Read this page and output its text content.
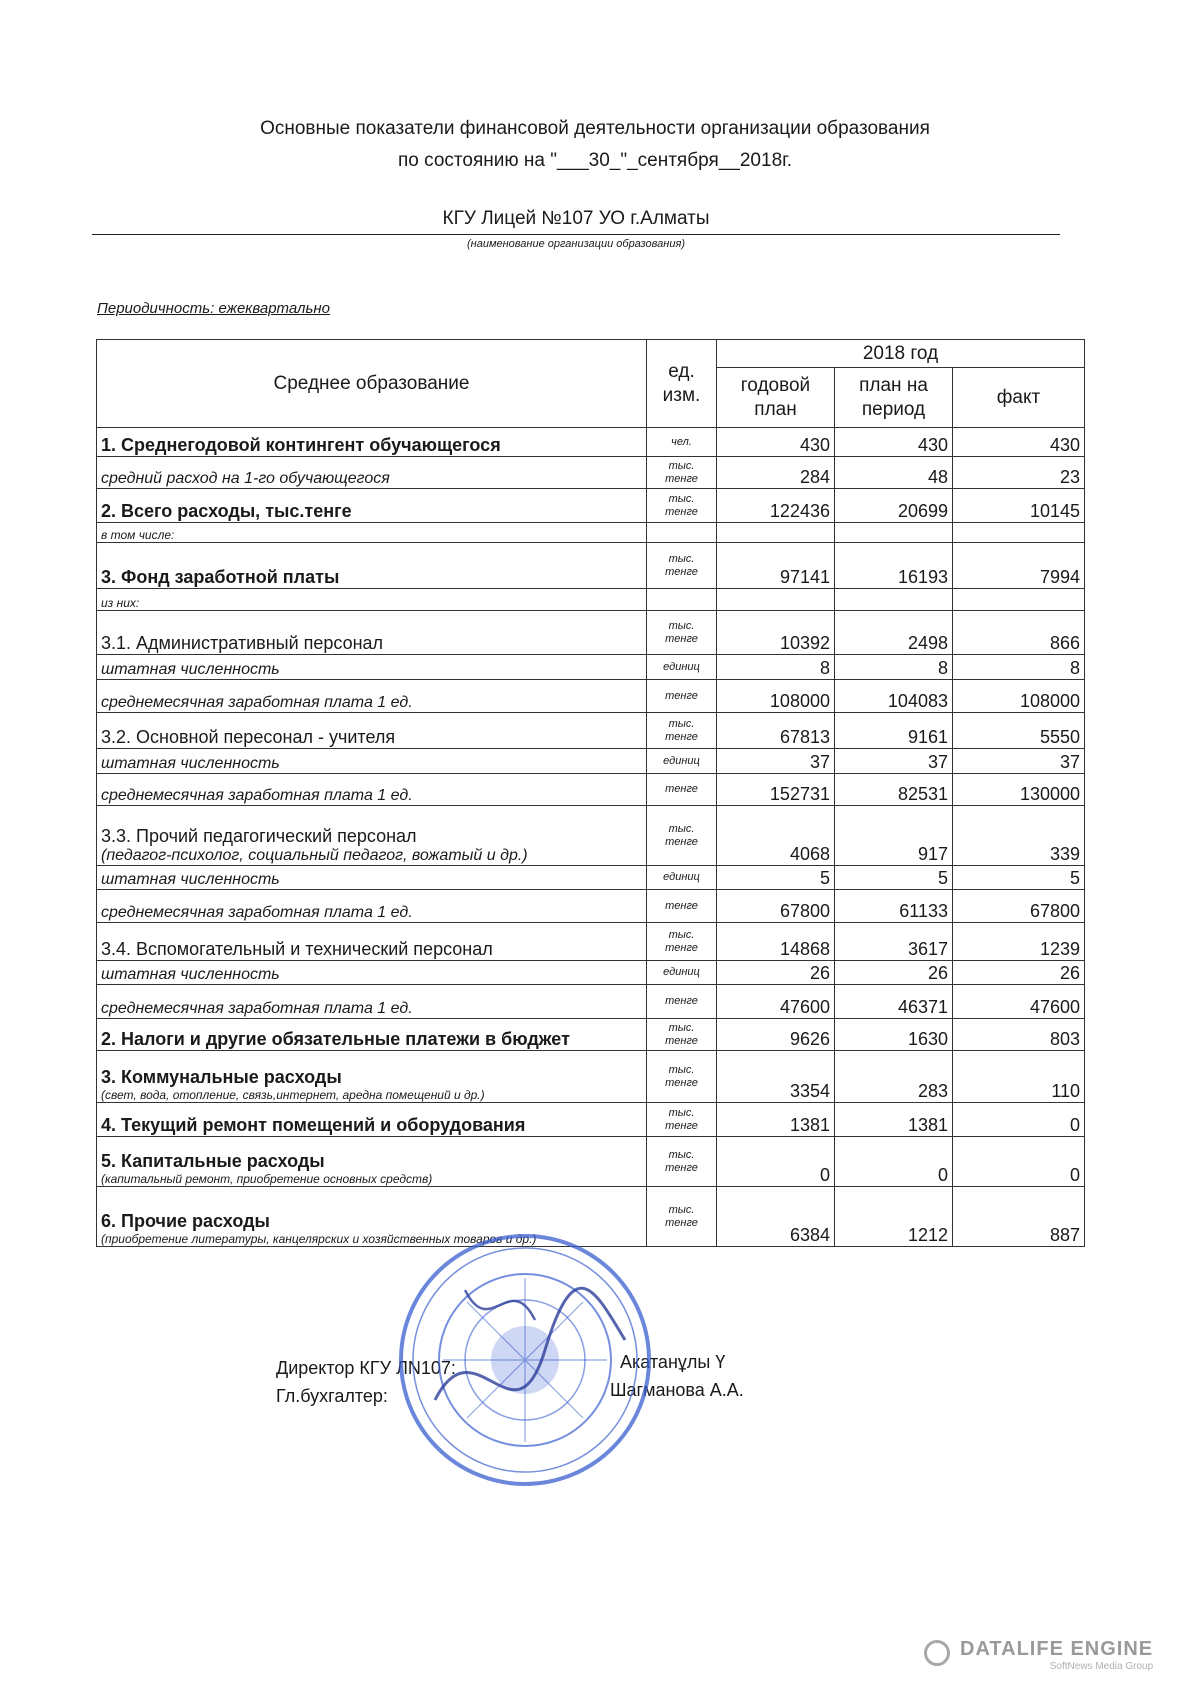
Основные показатели финансовой деятельности организации образования
по состоянию на "___30_"_сентября__2018г.
КГУ Лицей №107 УО г.Алматы
(наименование организации образования)
Периодичность: ежеквартально
Среднее образование	ед. изм.	2018 год		
		годовой план	план на период	факт
1. Среднегодовой контингент обучающегося	чел.	430	430	430
средний расход на 1-го обучающегося	тыс. тенге	284	48	23
2. Всего расходы, тыс.тенге	тыс. тенге	122436	20699	10145
в том числе:				
3. Фонд заработной платы	тыс. тенге	97141	16193	7994
из них:				
3.1. Административный персонал	тыс. тенге	10392	2498	866
штатная численность	единиц	8	8	8
среднемесячная заработная плата 1 ед.	тенге	108000	104083	108000
3.2. Основной пересонал - учителя	тыс. тенге	67813	9161	5550
штатная численность	единиц	37	37	37
среднемесячная заработная плата 1 ед.	тенге	152731	82531	130000
3.3. Прочий педагогический персонал
(педагог-психолог, социальный педагог, вожатый и др.)	тыс. тенге	4068	917	339
штатная численность	единиц	5	5	5
среднемесячная заработная плата 1 ед.	тенге	67800	61133	67800
3.4. Вспомогательный и технический персонал	тыс. тенге	14868	3617	1239
штатная численность	единиц	26	26	26
среднемесячная заработная плата 1 ед.	тенге	47600	46371	47600
2. Налоги и другие обязательные платежи в бюджет	тыс. тенге	9626	1630	803
3. Коммунальные расходы
(свет, вода, отопление, связь,интернет, аредна помещений и др.)	тыс. тенге	3354	283	110
4. Текущий ремонт помещений и оборудования	тыс. тенге	1381	1381	0
5. Капитальные расходы
(капитальный ремонт, приобретение основных средств)	тыс. тенге	0	0	0
6. Прочие расходы
(приобретение литературы, канцелярских и хозяйственных товаров и др.)	тыс. тенге	6384	1212	887
Директор КГУ ЛN107:	Акатанұлы Ү
Гл.бухгалтер:	Шагманова А.А.
DATALIFE ENGINE
SoftNews Media Group
